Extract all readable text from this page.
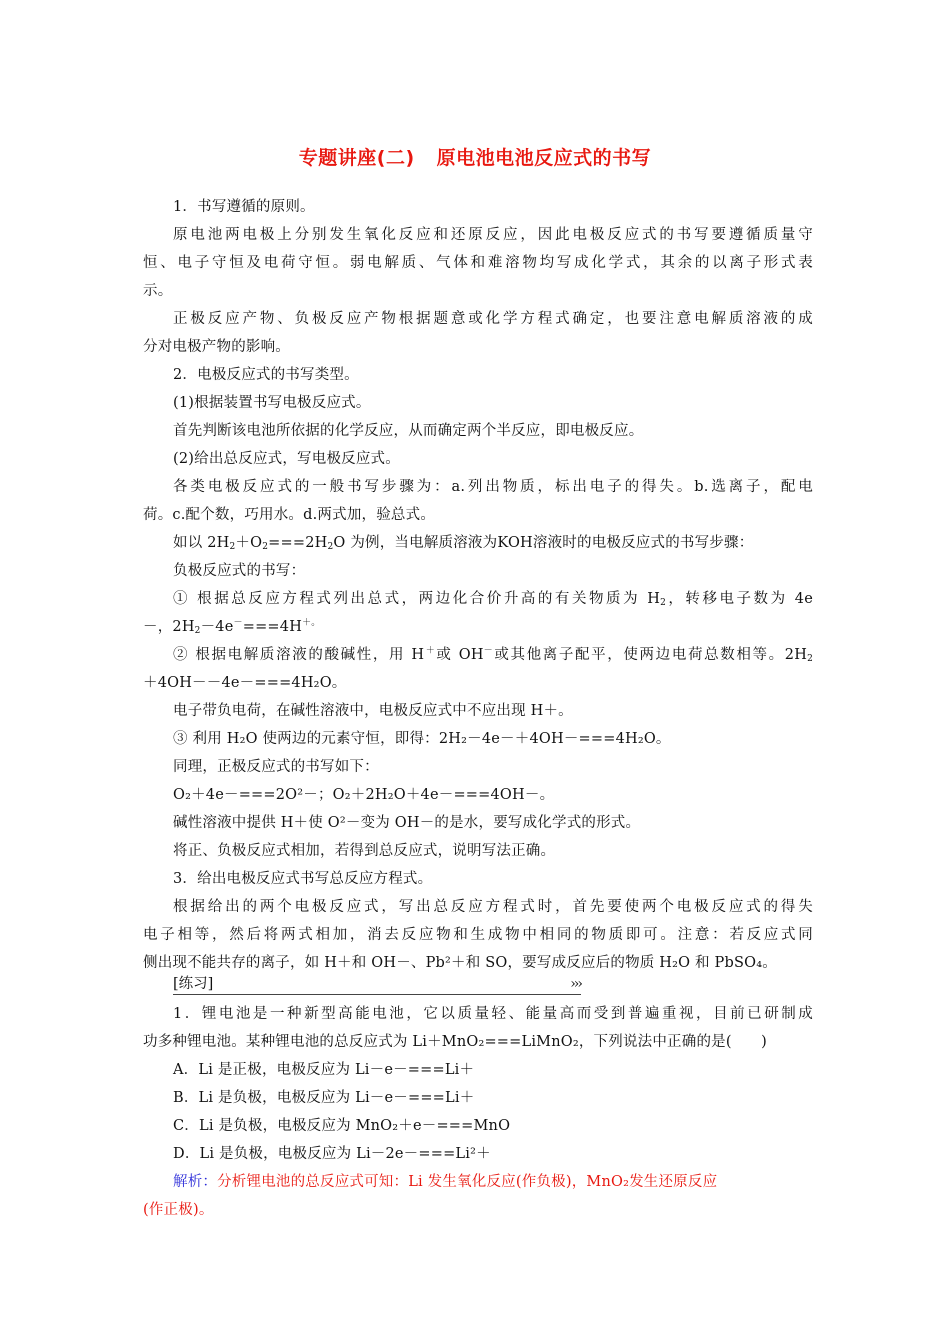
专题讲座(二) 原电池电池反应式的书写
1．书写遵循的原则。
原电池两电极上分别发生氧化反应和还原反应，因此电极反应式的书写要遵循质量守
恒、电子守恒及电荷守恒。弱电解质、气体和难溶物均写成化学式，其余的以离子形式表
示。
正极反应产物、负极反应产物根据题意或化学方程式确定，也要注意电解质溶液的成
分对电极产物的影响。
2．电极反应式的书写类型。
(1)根据装置书写电极反应式。
首先判断该电池所依据的化学反应，从而确定两个半反应，即电极反应。
(2)给出总反应式，写电极反应式。
各类电极反应式的一般书写步骤为：a.列出物质，标出电子的得失。b.选离子，配电
荷。c.配个数，巧用水。d.两式加，验总式。
如以 $2H_2+O_2===2H_2O$ 为例，当电解质溶液为KOH溶液时的电极反应式的书写步骤：
负极反应式的书写：
① 根据总反应方程式列出总式，两边化合价升高的有关物质为 $H_2$，转移电子数为 4e
－，$2H_2-4e^-===4H^{+。}$
② 根据电解质溶液的酸碱性，用 H＋或 OH－或其他离子配平，使两边电荷总数相等。$2H_2$
＋4OH－－4e－===4H₂O。
电子带负电荷，在碱性溶液中，电极反应式中不应出现 H＋。
③ 利用 H₂O 使两边的元素守恒，即得：2H₂－4e－＋4OH－===4H₂O。
同理，正极反应式的书写如下：
O₂＋4e－===2O²－；O₂＋2H₂O＋4e－===4OH－。
碱性溶液中提供 H＋使 O²－变为 OH－的是水，要写成化学式的形式。
将正、负极反应式相加，若得到总反应式，说明写法正确。
3．给出电极反应式书写总反应方程式。
根据给出的两个电极反应式，写出总反应方程式时，首先要使两个电极反应式的得失
电子相等，然后将两式相加，消去反应物和生成物中相同的物质即可。注意：若反应式同
侧出现不能共存的离子，如 H＋和 OH－、Pb²＋和 SO，要写成反应后的物质 H₂O 和 PbSO₄。
[练习]	›››
1．锂电池是一种新型高能电池，它以质量轻、能量高而受到普遍重视，目前已研制成
功多种锂电池。某种锂电池的总反应式为 Li＋MnO₂===LiMnO₂，下列说法中正确的是(　　)
A．Li 是正极，电极反应为 Li－e－===Li＋
B．Li 是负极，电极反应为 Li－e－===Li＋
C．Li 是负极，电极反应为 MnO₂＋e－===MnO
D．Li 是负极，电极反应为 Li－2e－===Li²＋
解析：分析锂电池的总反应式可知：Li 发生氧化反应(作负极)，MnO₂发生还原反应
(作正极)。
